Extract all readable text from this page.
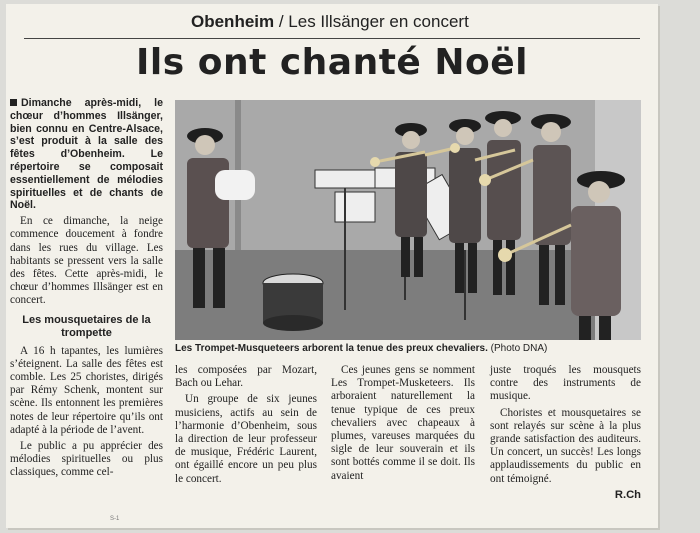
Obenheim / Les Illsänger en concert
Ils ont chanté Noël
Les Trompet-Musqueteers arborent la tenue des preux chevaliers. (Photo DNA)

Dimanche après-midi, le chœur d’hommes Illsänger, bien connu en Centre-Alsace, s’est produit à la salle des fêtes d’Obenheim. Le répertoire se composait essentiellement de mélodies spirituelles et de chants de Noël.

En ce dimanche, la neige commence doucement à fondre dans les rues du village. Les habitants se pressent vers la salle des fêtes. Cette après-midi, le chœur d’hommes Illsänger est en concert.

Les mousquetaires de la trompette

A 16 h tapantes, les lumières s’éteignent. La salle des fêtes est comble. Les 25 choristes, dirigés par Rémy Schenk, montent sur scène. Ils entonnent les premières notes de leur répertoire qu’ils ont adapté à la période de l’avent.

Le public a pu apprécier des mélodies spirituelles ou plus classiques, comme cel-

les composées par Mozart, Bach ou Lehar.

Un groupe de six jeunes musiciens, actifs au sein de l’harmonie d’Obenheim, sous la direction de leur professeur de musique, Frédéric Laurent, ont égaillé encore un peu plus le concert.

Ces jeunes gens se nomment Les Trompet-Musketeers. Ils arboraient naturellement la tenue typique de ces preux chevaliers avec chapeaux à plumes, vareuses marquées du sigle de leur souverain et ils sont bottés comme il se doit. Ils avaient

juste troqués les mousquets contre des instruments de musique.

Choristes et mousquetaires se sont relayés sur scène à la plus grande satisfaction des auditeurs. Un concert, un succès! Les longs applaudissements du public en ont témoigné.

R.Ch
S-1
